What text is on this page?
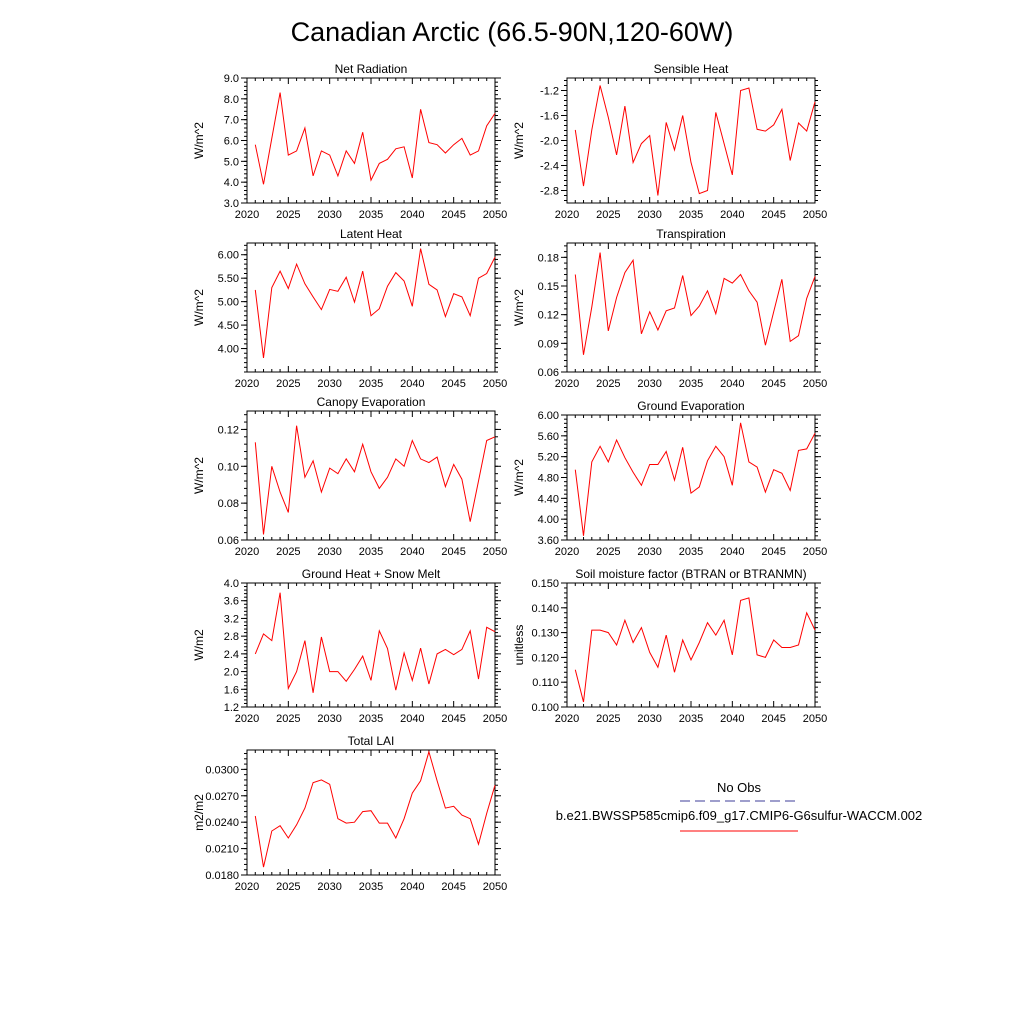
Canadian Arctic (66.5-90N,120-60W)
Net Radiation
2020 2025 2030 2035 2040 2045 2050
3.0
4.0
5.0
6.0
7.0
8.0
9.0
W/m^2
Sensible Heat
2020 2025 2030 2035 2040 2045 2050
-2.8
-2.4
-2.0
-1.6
-1.2
W/m^2
Latent Heat
2020 2025 2030 2035 2040 2045 2050
4.00
4.50
5.00
5.50
6.00
W/m^2
Transpiration
2020 2025 2030 2035 2040 2045 2050
0.06
0.09
0.12
0.15
0.18
W/m^2
Canopy Evaporation
2020 2025 2030 2035 2040 2045 2050
0.06
0.08
0.10
0.12
W/m^2
Ground Evaporation
2020 2025 2030 2035 2040 2045 2050
3.60
4.00
4.40
4.80
5.20
5.60
6.00
W/m^2
Ground Heat + Snow Melt
2020 2025 2030 2035 2040 2045 2050
1.2
1.6
2.0
2.4
2.8
3.2
3.6
4.0
W/m2
Soil moisture factor (BTRAN or BTRANMN)
2020 2025 2030 2035 2040 2045 2050
0.100
0.110
0.120
0.130
0.140
0.150
unitless
Total LAI
2020 2025 2030 2035 2040 2045 2050
0.0180
0.0210
0.0240
0.0270
0.0300
m2/m2
No Obs
b.e21.BWSSP585cmip6.f09_g17.CMIP6-G6sulfur-WACCM.002
